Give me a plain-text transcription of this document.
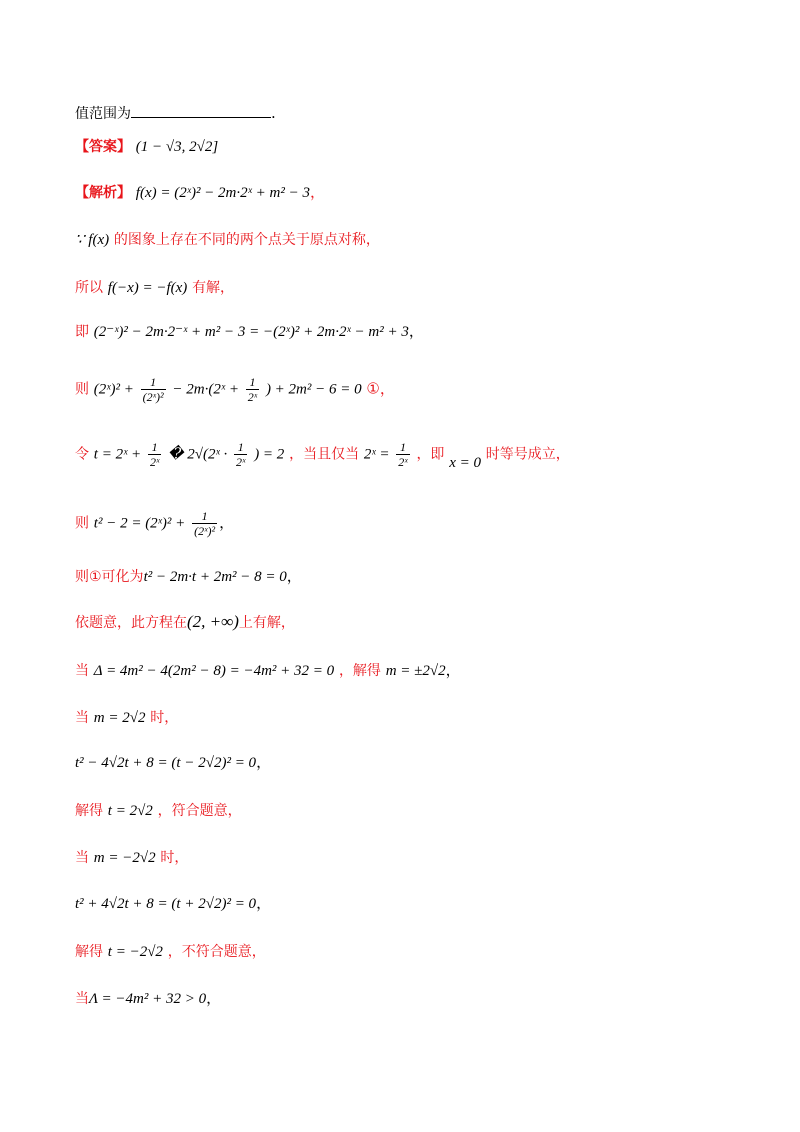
值范围为	.
【答案】 (1 − √3, 2√2]
【解析】 f(x) = (2ˣ)² − 2m·2ˣ + m² − 3，
∵ f(x) 的图象上存在不同的两个点关于原点对称，
所以 f(−x) = −f(x) 有解，
即 (2⁻ˣ)² − 2m·2⁻ˣ + m² − 3 = −(2ˣ)² + 2m·2ˣ − m² + 3，
则 (2ˣ)² + $\frac{1}{\text{(2ˣ)²}}$ − 2m·(2ˣ + $\frac{1}{\text{2ˣ}}$ ) + 2m² − 6 = 0 ①，
令 t = 2ˣ + $\frac{1}{\text{2ˣ}}$ � 2√(2ˣ · $\frac{1}{\text{2ˣ}}$ ) = 2 ，当且仅当 2ˣ = $\frac{1}{\text{2ˣ}}$ ，即 x = 0 时等号成立，
则 t² − 2 = (2ˣ)² + $\frac{1}{\text{(2ˣ)²}}$ ，
则①可化为t² − 2m·t + 2m² − 8 = 0，
依题意，此方程在(2, +∞)上有解，
当 Δ = 4m² − 4(2m² − 8) = −4m² + 32 = 0 ，解得 m = ±2√2，
当 m = 2√2 时，
t² − 4√2t + 8 = (t − 2√2)² = 0，
解得 t = 2√2 ，符合题意，
当 m = −2√2 时，
t² + 4√2t + 8 = (t + 2√2)² = 0，
解得 t = −2√2 ，不符合题意，
当Λ = −4m² + 32 > 0，
